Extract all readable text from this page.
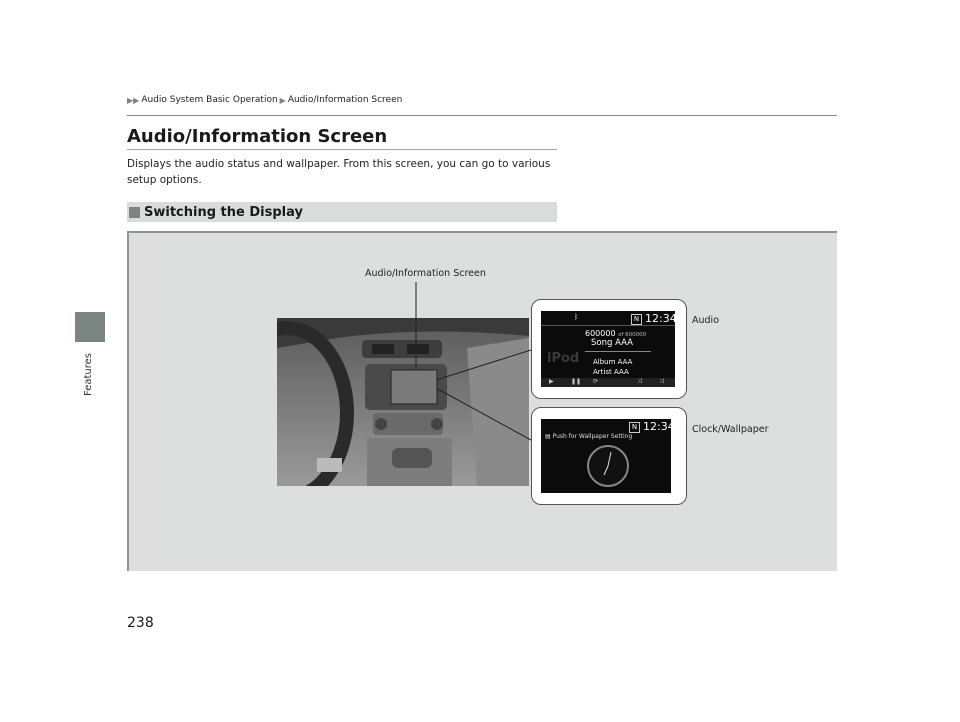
Features
▶▶ Audio System Basic Operation ▶ Audio/Information Screen
Audio/Information Screen
Displays the audio status and wallpaper. From this screen, you can go to various setup options.
Switching the Display
Audio/Information Screen
Audio
Clock/Wallpaper
ᛒ	N 12:34
iPod
600000 of 600000
Song AAA
Album AAA
Artist AAA
▶	❚❚ ⟳	⤨	⤨
N 12:34
▤ Push for Wallpaper Setting
238
